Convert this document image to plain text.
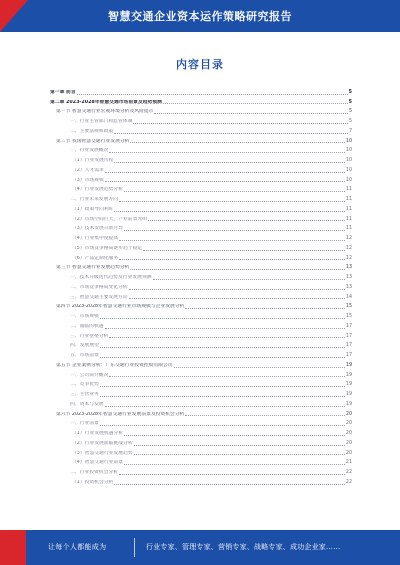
智慧交通企业资本运作策略研究报告
内容目录
第一章 前言	5
第二章 2023-2028年智慧交通市场前景及趋势预测	5
第一节 智慧交通行业宏观环境分析及风险提示	5
一、行业主管部门和监管体制	5
二、主要法规和政策	7
第二节 我国智慧交通行业发展分析	10
一、行业发展概况	10
（1）行业发展历程	10
（2）人才需求	10
（3）市场规模	10
（4）行业发展趋势分析	11
二、行业未来发展方向	11
（1）政策导向利好	11
（2）市场空间巨大，产业前景光明	11
（3）技术发展日新月异	11
（4）行业集中度提高	12
（5）市场竞争格局逐步趋于稳定	12
（6）产品定制化服务	12
第三节 智慧交通行业发展趋势分析	13
一、技术升级迭代趋势及行业发展预测	13
二、市场竞争格局变化分析	13
三、智慧交通主要发展方向	14
第四节 2023-2028年智慧交通行业市场规模与企业发展分析	15
一、市场规模	15
二、面临的机遇	17
三、行业壁垒分析	17
四、发展展望	17
五、市场前景	17
第五节 企业案例分析：广东交通行业投资控股有限公司	19
一、公司简介概况	19
二、竞争优势	19
三、主营业务	19
四、资本与发展	19
第六节 2023-2028年智慧交通行业发展前景及投资机会分析	20
一、行业前景	20
（1）行业发展机遇分析	20
（2）行业发展面临挑战分析	20
（3）智慧交通行业发展趋势	20
（4）智慧交通行业前景	21
二、行业投资机会分析	22
（1）投资机会分析	22
让每个人都能成为	行业专家、管理专家、营销专家、战略专家、成功企业家……
